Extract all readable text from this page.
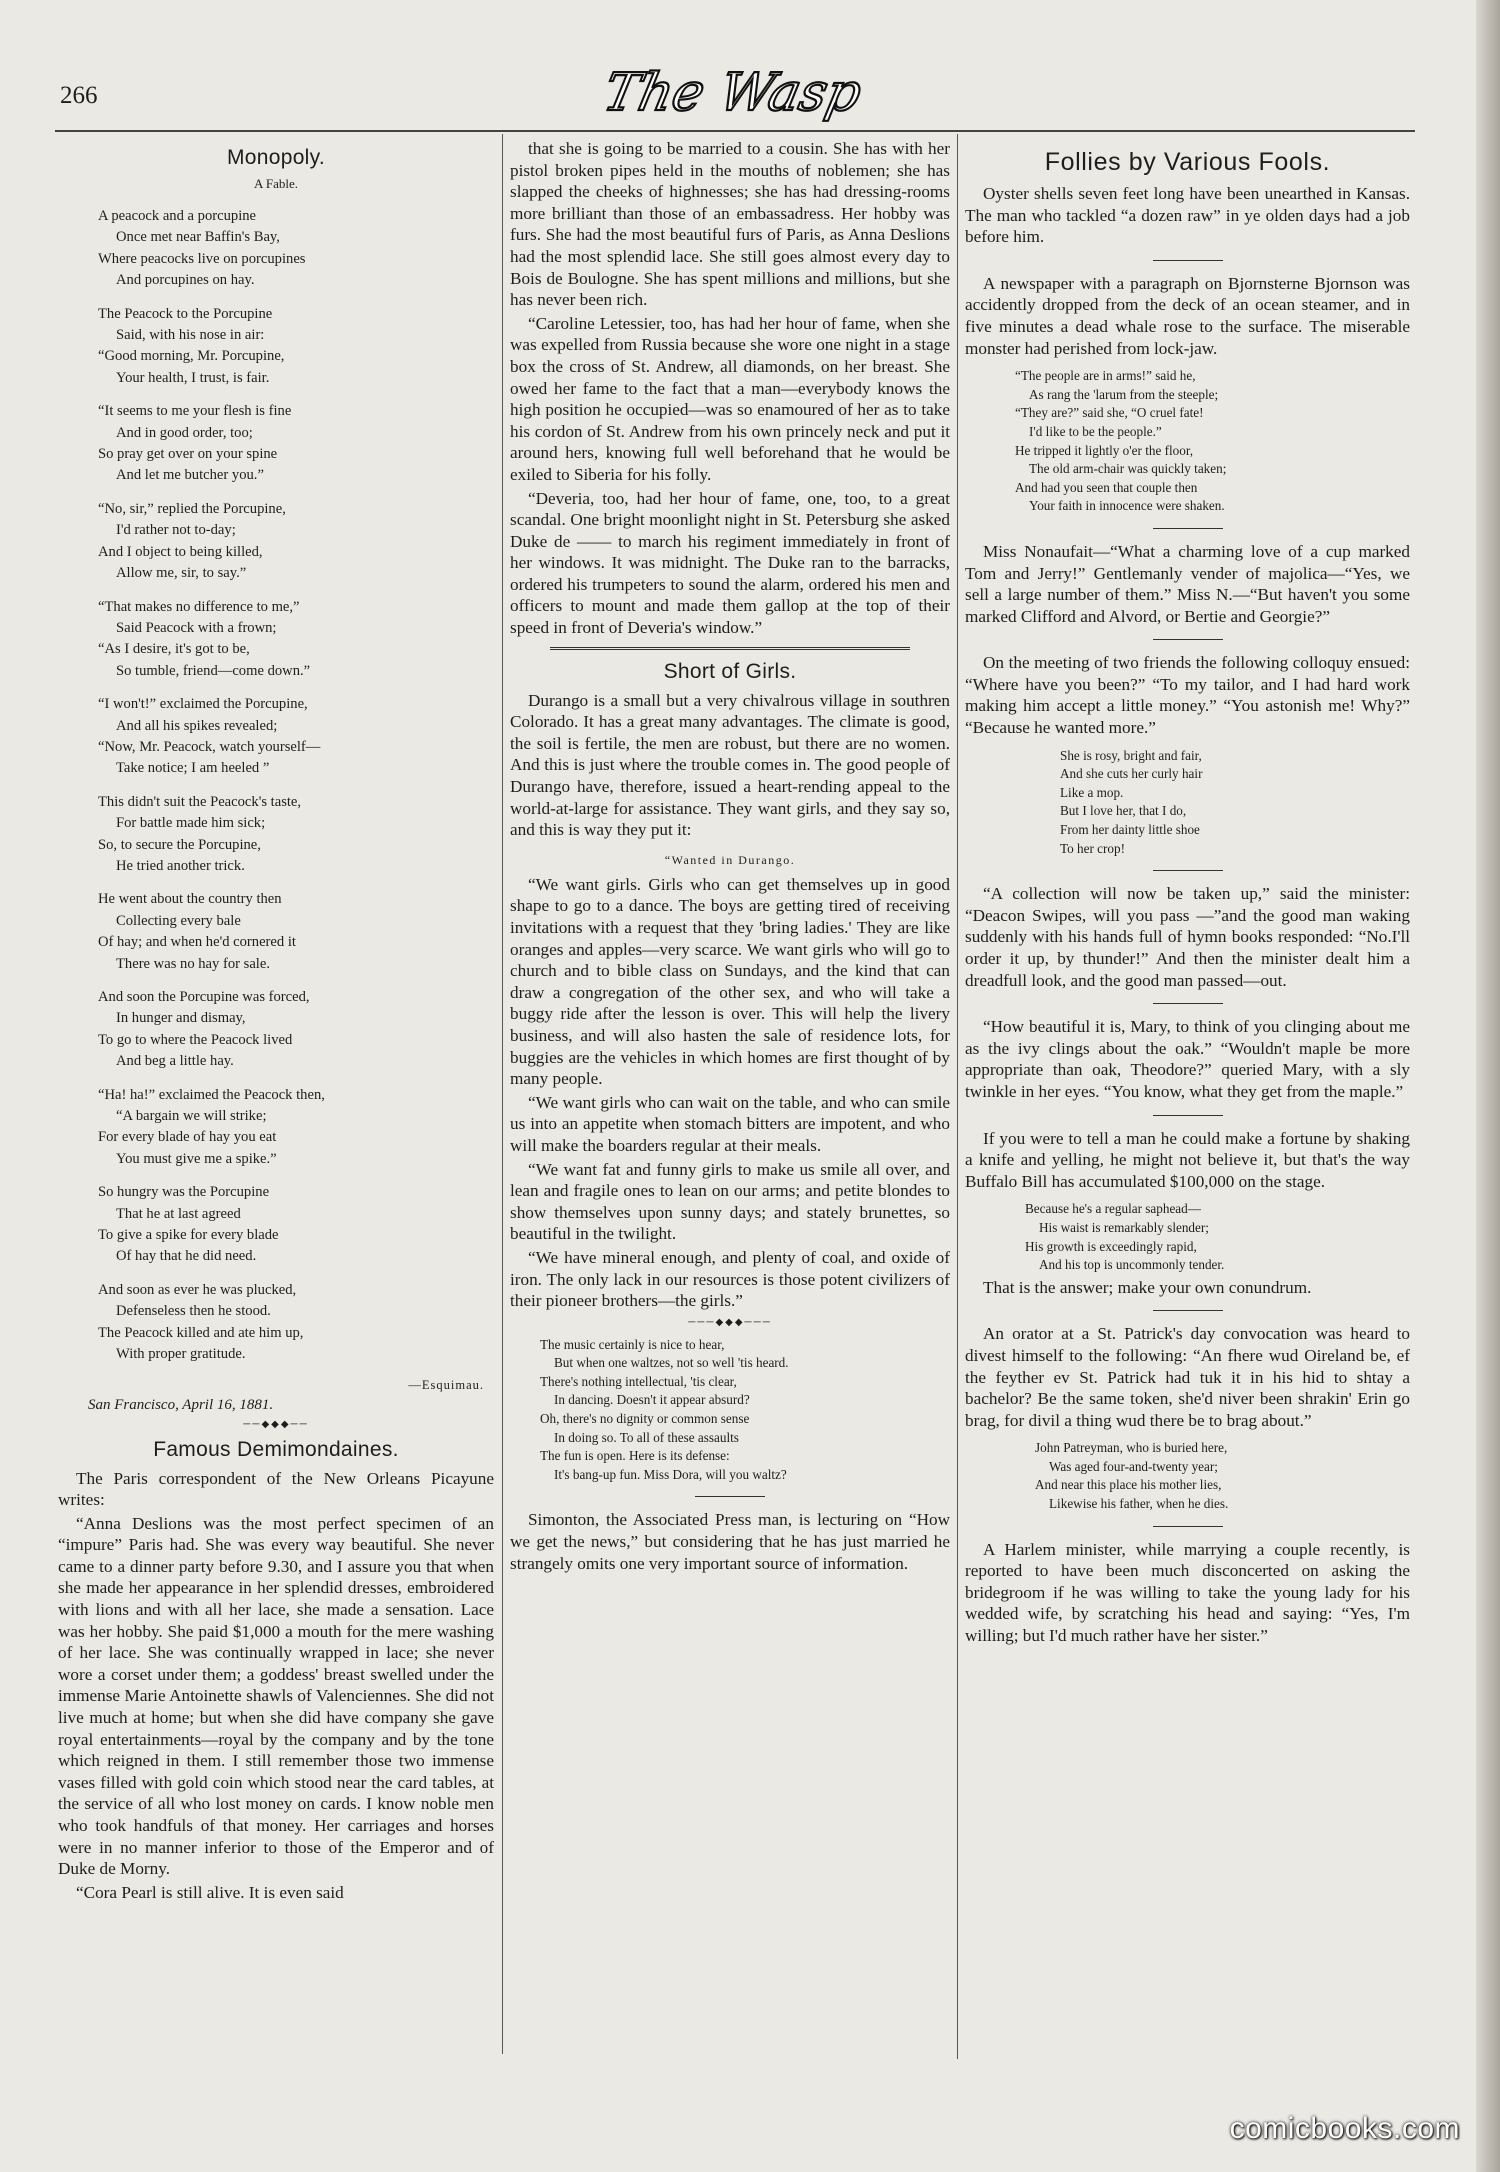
266	The Wasp
Monopoly.
A Fable.
A peacock and a porcupine
Once met near Baffin's Bay,
Where peacocks live on porcupines
And porcupines on hay.
The Peacock to the Porcupine
Said, with his nose in air:
“Good morning, Mr. Porcupine,
Your health, I trust, is fair.
“It seems to me your flesh is fine
And in good order, too;
So pray get over on your spine
And let me butcher you.”
“No, sir,” replied the Porcupine,
I'd rather not to-day;
And I object to being killed,
Allow me, sir, to say.”
“That makes no difference to me,”
Said Peacock with a frown;
“As I desire, it's got to be,
So tumble, friend—come down.”
“I won't!” exclaimed the Porcupine,
And all his spikes revealed;
“Now, Mr. Peacock, watch yourself—
Take notice; I am heeled ”
This didn't suit the Peacock's taste,
For battle made him sick;
So, to secure the Porcupine,
He tried another trick.
He went about the country then
Collecting every bale
Of hay; and when he'd cornered it
There was no hay for sale.
And soon the Porcupine was forced,
In hunger and dismay,
To go to where the Peacock lived
And beg a little hay.
“Ha! ha!” exclaimed the Peacock then,
“A bargain we will strike;
For every blade of hay you eat
You must give me a spike.”
So hungry was the Porcupine
That he at last agreed
To give a spike for every blade
Of hay that he did need.
And soon as ever he was plucked,
Defenseless then he stood.
The Peacock killed and ate him up,
With proper gratitude.
—Esquimau.
San Francisco, April 16, 1881.
──◆◆◆──
Famous Demimondaines.

The Paris correspondent of the New Orleans Picayune writes:

“Anna Deslions was the most perfect specimen of an “impure” Paris had. She was every way beautiful. She never came to a dinner party before 9.30, and I assure you that when she made her appearance in her splendid dresses, embroidered with lions and with all her lace, she made a sensation. Lace was her hobby. She paid $1,000 a mouth for the mere washing of her lace. She was continually wrapped in lace; she never wore a corset under them; a goddess' breast swelled under the immense Marie Antoinette shawls of Valenciennes. She did not live much at home; but when she did have company she gave royal entertainments—royal by the company and by the tone which reigned in them. I still remember those two immense vases filled with gold coin which stood near the card tables, at the service of all who lost money on cards. I know noble men who took handfuls of that money. Her carriages and horses were in no manner inferior to those of the Emperor and of Duke de Morny.

“Cora Pearl is still alive. It is even said

that she is going to be married to a cousin. She has with her pistol broken pipes held in the mouths of noblemen; she has slapped the cheeks of highnesses; she has had dressing-rooms more brilliant than those of an embassadress. Her hobby was furs. She had the most beautiful furs of Paris, as Anna Deslions had the most splendid lace. She still goes almost every day to Bois de Boulogne. She has spent millions and millions, but she has never been rich.

“Caroline Letessier, too, has had her hour of fame, when she was expelled from Russia because she wore one night in a stage box the cross of St. Andrew, all diamonds, on her breast. She owed her fame to the fact that a man—everybody knows the high position he occupied—was so enamoured of her as to take his cordon of St. Andrew from his own princely neck and put it around hers, knowing full well beforehand that he would be exiled to Siberia for his folly.

“Deveria, too, had her hour of fame, one, too, to a great scandal. One bright moonlight night in St. Petersburg she asked Duke de —— to march his regiment immediately in front of her windows. It was midnight. The Duke ran to the barracks, ordered his trumpeters to sound the alarm, ordered his men and officers to mount and made them gallop at the top of their speed in front of Deveria's window.”

Short of Girls.

Durango is a small but a very chivalrous village in southren Colorado. It has a great many advantages. The climate is good, the soil is fertile, the men are robust, but there are no women. And this is just where the trouble comes in. The good people of Durango have, therefore, issued a heart-rending appeal to the world-at-large for assistance. They want girls, and they say so, and this is way they put it:

“Wanted in Durango.

“We want girls. Girls who can get themselves up in good shape to go to a dance. The boys are getting tired of receiving invitations with a request that they 'bring ladies.' They are like oranges and apples—very scarce. We want girls who will go to church and to bible class on Sundays, and the kind that can draw a congregation of the other sex, and who will take a buggy ride after the lesson is over. This will help the livery business, and will also hasten the sale of residence lots, for buggies are the vehicles in which homes are first thought of by many people.

“We want girls who can wait on the table, and who can smile us into an appetite when stomach bitters are impotent, and who will make the boarders regular at their meals.

“We want fat and funny girls to make us smile all over, and lean and fragile ones to lean on our arms; and petite blondes to show themselves upon sunny days; and stately brunettes, so beautiful in the twilight.

“We have mineral enough, and plenty of coal, and oxide of iron. The only lack in our resources is those potent civilizers of their pioneer brothers—the girls.”

───◆◆◆───
The music certainly is nice to hear,
But when one waltzes, not so well 'tis heard.
There's nothing intellectual, 'tis clear,
In dancing. Doesn't it appear absurd?
Oh, there's no dignity or common sense
In doing so. To all of these assaults
The fun is open. Here is its defense:
It's bang-up fun. Miss Dora, will you waltz?

Simonton, the Associated Press man, is lecturing on “How we get the news,” but considering that he has just married he strangely omits one very important source of information.

Follies by Various Fools.

Oyster shells seven feet long have been unearthed in Kansas. The man who tackled “a dozen raw” in ye olden days had a job before him.

A newspaper with a paragraph on Bjornsterne Bjornson was accidently dropped from the deck of an ocean steamer, and in five minutes a dead whale rose to the surface. The miserable monster had perished from lock-jaw.

“The people are in arms!” said he,
As rang the 'larum from the steeple;
“They are?” said she, “O cruel fate!
I'd like to be the people.”
He tripped it lightly o'er the floor,
The old arm-chair was quickly taken;
And had you seen that couple then
Your faith in innocence were shaken.

Miss Nonaufait—“What a charming love of a cup marked Tom and Jerry!” Gentlemanly vender of majolica—“Yes, we sell a large number of them.” Miss N.—“But haven't you some marked Clifford and Alvord, or Bertie and Georgie?”

On the meeting of two friends the following colloquy ensued: “Where have you been?” “To my tailor, and I had hard work making him accept a little money.” “You astonish me! Why?” “Because he wanted more.”

She is rosy, bright and fair,
And she cuts her curly hair
Like a mop.
But I love her, that I do,
From her dainty little shoe
To her crop!

“A collection will now be taken up,” said the minister: “Deacon Swipes, will you pass —”and the good man waking suddenly with his hands full of hymn books responded: “No.I'll order it up, by thunder!” And then the minister dealt him a dreadfull look, and the good man passed—out.

“How beautiful it is, Mary, to think of you clinging about me as the ivy clings about the oak.” “Wouldn't maple be more appropriate than oak, Theodore?” queried Mary, with a sly twinkle in her eyes. “You know, what they get from the maple.”

If you were to tell a man he could make a fortune by shaking a knife and yelling, he might not believe it, but that's the way Buffalo Bill has accumulated $100,000 on the stage.

Because he's a regular saphead—
His waist is remarkably slender;
His growth is exceedingly rapid,
And his top is uncommonly tender.

That is the answer; make your own conundrum.

An orator at a St. Patrick's day convocation was heard to divest himself to the following: “An fhere wud Oireland be, ef the feyther ev St. Patrick had tuk it in his hid to shtay a bachelor? Be the same token, she'd niver been shrakin' Erin go brag, for divil a thing wud there be to brag about.”

John Patreyman, who is buried here,
Was aged four-and-twenty year;
And near this place his mother lies,
Likewise his father, when he dies.

A Harlem minister, while marrying a couple recently, is reported to have been much disconcerted on asking the bridegroom if he was willing to take the young lady for his wedded wife, by scratching his head and saying: “Yes, I'm willing; but I'd much rather have her sister.”

comicbooks.com
